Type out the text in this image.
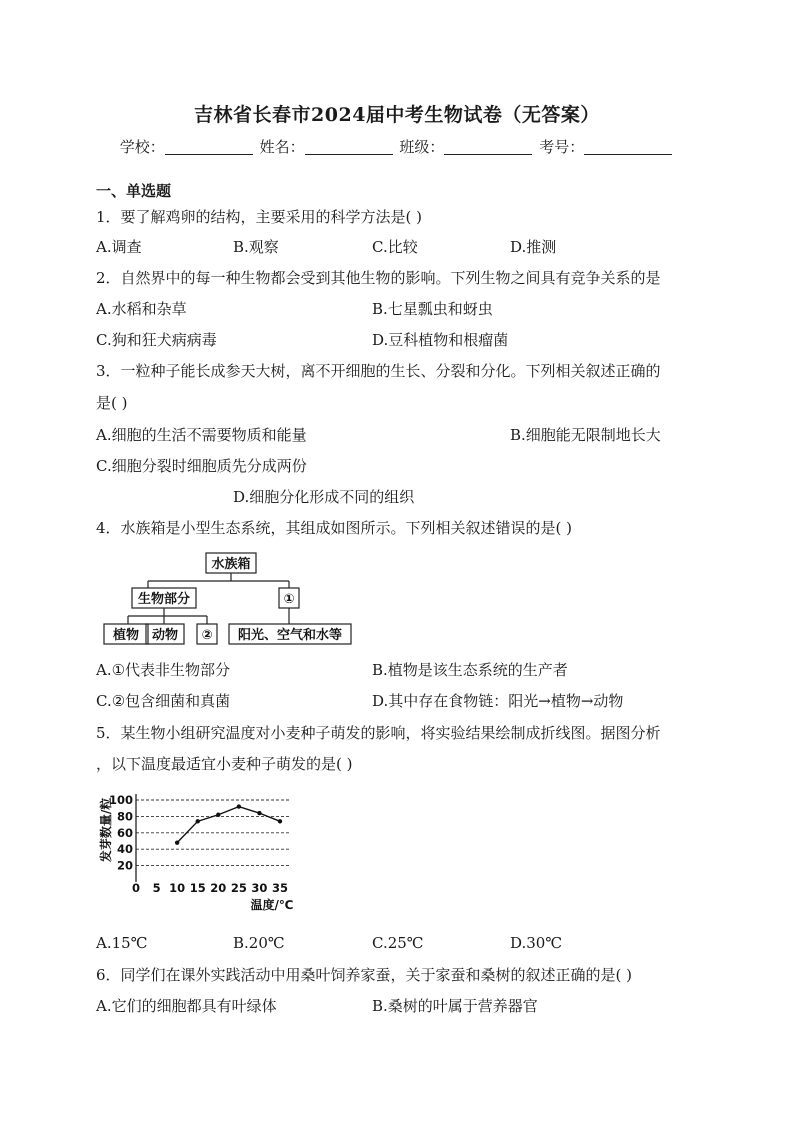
吉林省长春市2024届中考生物试卷（无答案）
学校：	姓名：	班级：	考号：
一、单选题
1．要了解鸡卵的结构，主要采用的科学方法是( )
A.调查	B.观察	C.比较	D.推测
2．自然界中的每一种生物都会受到其他生物的影响。下列生物之间具有竞争关系的是
A.水稻和杂草	B.七星瓢虫和蚜虫
C.狗和狂犬病病毒	D.豆科植物和根瘤菌
3．一粒种子能长成参天大树，离不开细胞的生长、分裂和分化。下列相关叙述正确的
是( )
A.细胞的生活不需要物质和能量	B.细胞能无限制地长大
C.细胞分裂时细胞质先分成两份
D.细胞分化形成不同的组织
4．水族箱是小型生态系统，其组成如图所示。下列相关叙述错误的是( )
水族箱
生物部分	①
植物 动物 ② 阳光、空气和水等
A.①代表非生物部分	B.植物是该生态系统的生产者
C.②包含细菌和真菌	D.其中存在食物链：阳光→植物→动物
5．某生物小组研究温度对小麦种子萌发的影响，将实验结果绘制成折线图。据图分析
，以下温度最适宜小麦种子萌发的是( )
20
40
60
80
100
0 5 10 15 20 25 30 35
发芽数量/粒
温度/℃
A.15℃	B.20℃	C.25℃	D.30℃
6．同学们在课外实践活动中用桑叶饲养家蚕，关于家蚕和桑树的叙述正确的是( )
A.它们的细胞都具有叶绿体	B.桑树的叶属于营养器官
